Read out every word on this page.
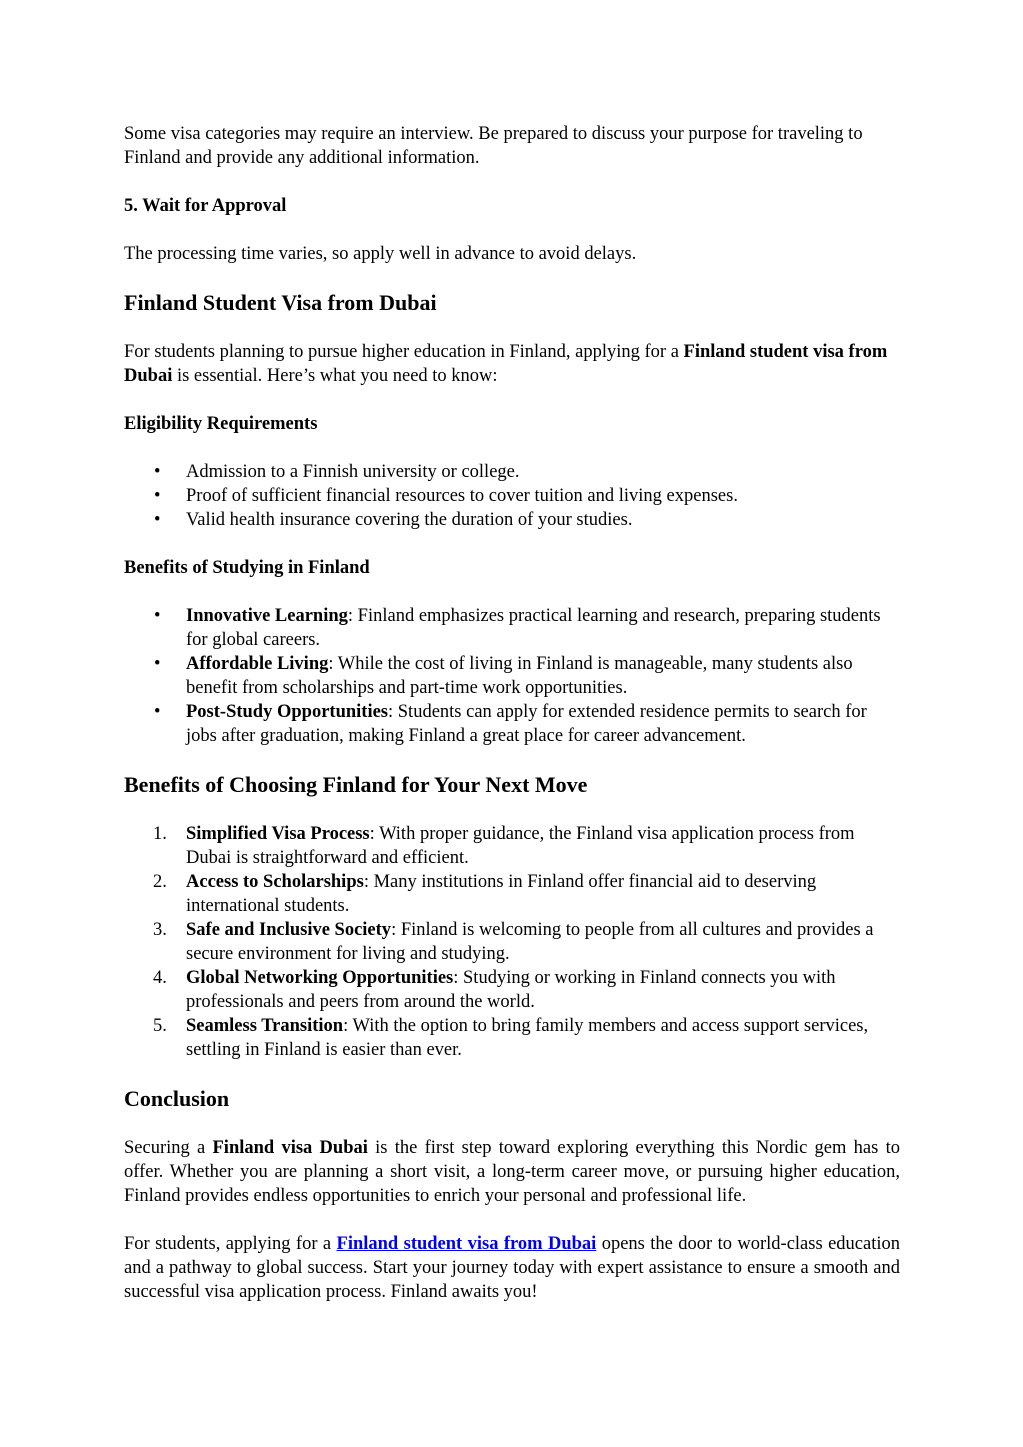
Some visa categories may require an interview. Be prepared to discuss your purpose for traveling to Finland and provide any additional information.

5. Wait for Approval

The processing time varies, so apply well in advance to avoid delays.

Finland Student Visa from Dubai

For students planning to pursue higher education in Finland, applying for a Finland student visa from Dubai is essential. Here’s what you need to know:

Eligibility Requirements
• Admission to a Finnish university or college.
• Proof of sufficient financial resources to cover tuition and living expenses.
• Valid health insurance covering the duration of your studies.
Benefits of Studying in Finland
• Innovative Learning: Finland emphasizes practical learning and research, preparing students for global careers.
• Affordable Living: While the cost of living in Finland is manageable, many students also benefit from scholarships and part-time work opportunities.
• Post-Study Opportunities: Students can apply for extended residence permits to search for jobs after graduation, making Finland a great place for career advancement.
Benefits of Choosing Finland for Your Next Move
1. Simplified Visa Process: With proper guidance, the Finland visa application process from Dubai is straightforward and efficient.
2. Access to Scholarships: Many institutions in Finland offer financial aid to deserving international students.
3. Safe and Inclusive Society: Finland is welcoming to people from all cultures and provides a secure environment for living and studying.
4. Global Networking Opportunities: Studying or working in Finland connects you with professionals and peers from around the world.
5. Seamless Transition: With the option to bring family members and access support services, settling in Finland is easier than ever.
Conclusion

Securing a Finland visa Dubai is the first step toward exploring everything this Nordic gem has to offer. Whether you are planning a short visit, a long-term career move, or pursuing higher education, Finland provides endless opportunities to enrich your personal and professional life.

For students, applying for a Finland student visa from Dubai opens the door to world-class education and a pathway to global success. Start your journey today with expert assistance to ensure a smooth and successful visa application process. Finland awaits you!
